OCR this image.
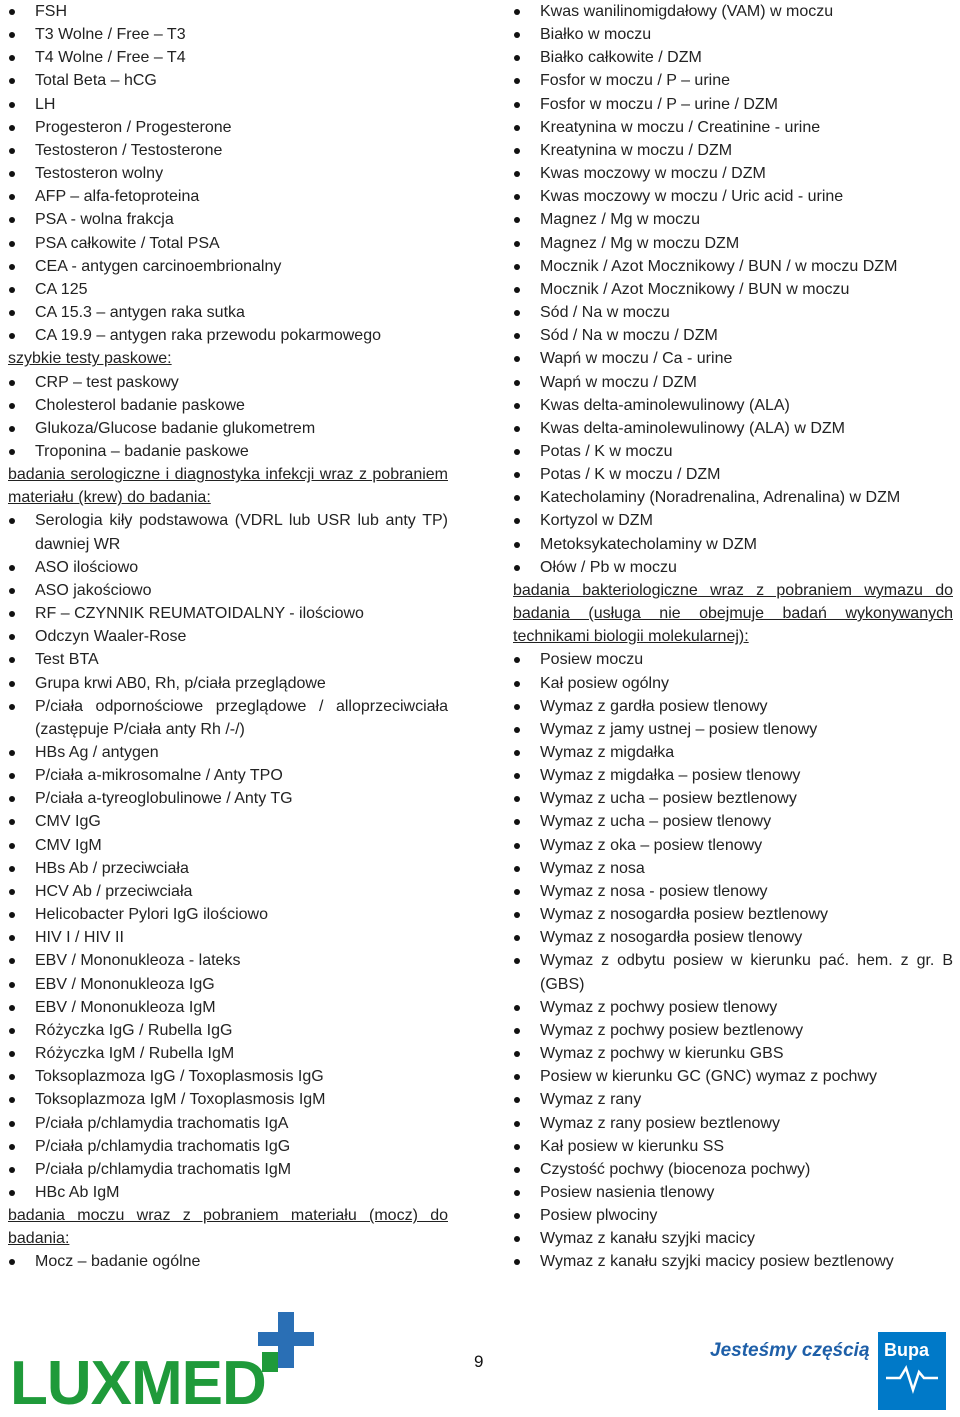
FSH
T3 Wolne / Free – T3
T4 Wolne / Free – T4
Total Beta – hCG
LH
Progesteron / Progesterone
Testosteron / Testosterone
Testosteron wolny
AFP – alfa-fetoproteina
PSA - wolna frakcja
PSA całkowite / Total PSA
CEA - antygen carcinoembrionalny
CA 125
CA 15.3 – antygen raka sutka
CA 19.9 – antygen raka przewodu pokarmowego
szybkie testy paskowe:
CRP – test paskowy
Cholesterol badanie paskowe
Glukoza/Glucose badanie glukometrem
Troponina – badanie paskowe
badania serologiczne i diagnostyka infekcji wraz z pobraniem materiału (krew) do badania:
Serologia kiły podstawowa (VDRL lub USR lub anty TP) dawniej WR
ASO ilościowo
ASO jakościowo
RF – CZYNNIK REUMATOIDALNY - ilościowo
Odczyn Waaler-Rose
Test BTA
Grupa krwi AB0, Rh, p/ciała przeglądowe
P/ciała odpornościowe przeglądowe / alloprzeciwciała (zastępuje P/ciała anty Rh /-/)
HBs Ag / antygen
P/ciała a-mikrosomalne / Anty TPO
P/ciała a-tyreoglobulinowe / Anty TG
CMV IgG
CMV IgM
HBs Ab / przeciwciała
HCV Ab / przeciwciała
Helicobacter Pylori IgG ilościowo
HIV I / HIV II
EBV / Mononukleoza - lateks
EBV / Mononukleoza IgG
EBV / Mononukleoza IgM
Różyczka IgG / Rubella IgG
Różyczka IgM / Rubella IgM
Toksoplazmoza IgG / Toxoplasmosis IgG
Toksoplazmoza IgM / Toxoplasmosis IgM
P/ciała p/chlamydia trachomatis IgA
P/ciała p/chlamydia trachomatis IgG
P/ciała p/chlamydia trachomatis IgM
HBc Ab IgM
badania moczu wraz z pobraniem materiału (mocz) do badania:
Mocz – badanie ogólne
Kwas wanilinomigdałowy (VAM) w moczu
Białko w moczu
Białko całkowite / DZM
Fosfor w moczu / P – urine
Fosfor w moczu / P – urine / DZM
Kreatynina w moczu / Creatinine - urine
Kreatynina w moczu / DZM
Kwas moczowy w moczu / DZM
Kwas moczowy w moczu / Uric acid - urine
Magnez / Mg w moczu
Magnez / Mg w moczu DZM
Mocznik / Azot Mocznikowy / BUN / w moczu DZM
Mocznik / Azot Mocznikowy / BUN w moczu
Sód / Na w moczu
Sód / Na w moczu / DZM
Wapń w moczu / Ca - urine
Wapń w moczu / DZM
Kwas delta-aminolewulinowy (ALA)
Kwas delta-aminolewulinowy (ALA) w DZM
Potas / K w moczu
Potas / K w moczu / DZM
Katecholaminy (Noradrenalina, Adrenalina) w DZM
Kortyzol w DZM
Metoksykatecholaminy w DZM
Ołów / Pb w moczu
badania bakteriologiczne wraz z pobraniem wymazu do badania (usługa nie obejmuje badań wykonywanych technikami biologii molekularnej):
Posiew moczu
Kał posiew ogólny
Wymaz z gardła posiew tlenowy
Wymaz z jamy ustnej – posiew tlenowy
Wymaz z migdałka
Wymaz z migdałka – posiew tlenowy
Wymaz z ucha – posiew beztlenowy
Wymaz z ucha – posiew tlenowy
Wymaz z oka – posiew tlenowy
Wymaz z nosa
Wymaz z nosa - posiew tlenowy
Wymaz z nosogardła posiew beztlenowy
Wymaz z nosogardła posiew tlenowy
Wymaz z odbytu posiew w kierunku pać. hem. z gr. B (GBS)
Wymaz z pochwy posiew tlenowy
Wymaz z pochwy posiew beztlenowy
Wymaz z pochwy w kierunku GBS
Posiew w kierunku GC (GNC) wymaz z pochwy
Wymaz z rany
Wymaz z rany posiew beztlenowy
Kał posiew w kierunku SS
Czystość pochwy (biocenoza pochwy)
Posiew nasienia tlenowy
Posiew plwociny
Wymaz z kanału szyjki macicy
Wymaz z kanału szyjki macicy posiew beztlenowy
LUXMED	9
Jesteśmy częścią Bupa
